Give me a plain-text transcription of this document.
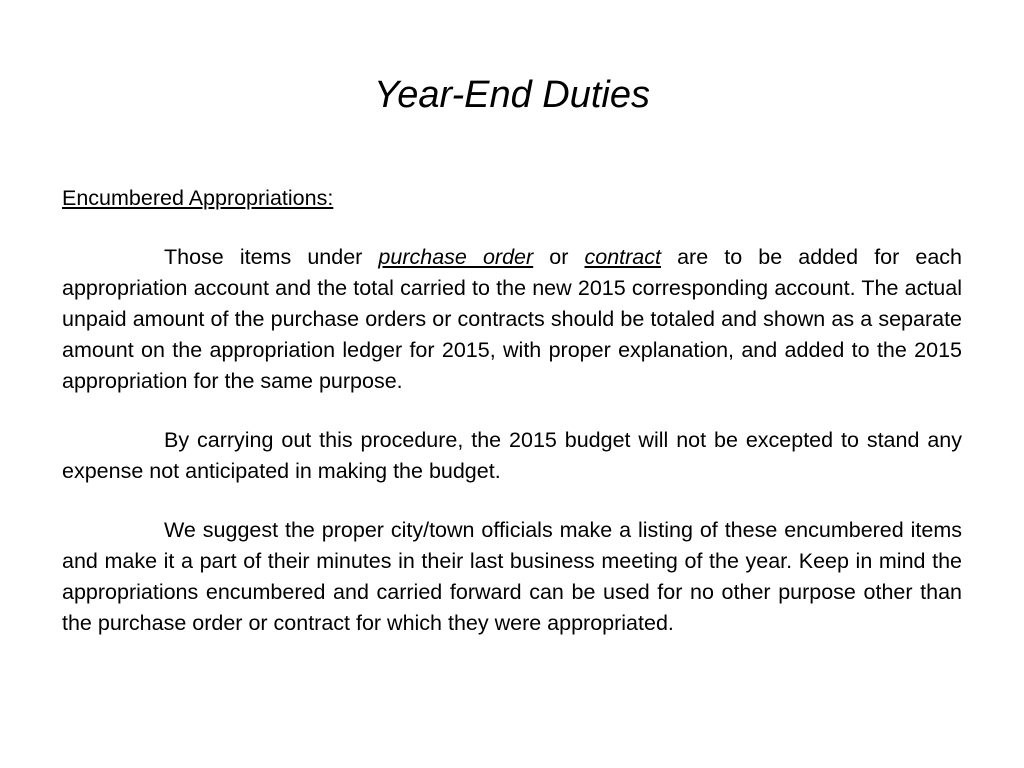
Year-End Duties

Encumbered Appropriations:

Those items under purchase order or contract are to be added for each appropriation account and the total carried to the new 2015 corresponding account. The actual unpaid amount of the purchase orders or contracts should be totaled and shown as a separate amount on the appropriation ledger for 2015, with proper explanation, and added to the 2015 appropriation for the same purpose.

By carrying out this procedure, the 2015 budget will not be excepted to stand any expense not anticipated in making the budget.

We suggest the proper city/town officials make a listing of these encumbered items and make it a part of their minutes in their last business meeting of the year. Keep in mind the appropriations encumbered and carried forward can be used for no other purpose other than the purchase order or contract for which they were appropriated.
